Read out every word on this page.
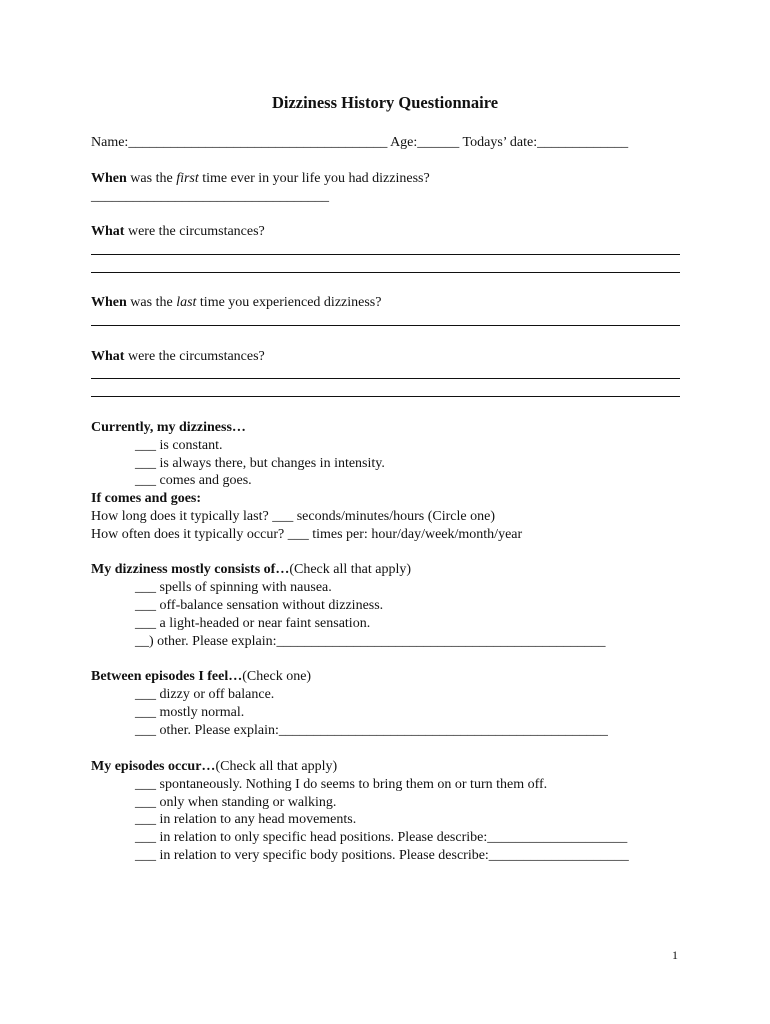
Dizziness History Questionnaire
Name:_____________________________________ Age:______ Todays’ date:_____________
When was the first time ever in your life you had dizziness?
__________________________________
What were the circumstances?
When was the last time you experienced dizziness?
What were the circumstances?
Currently, my dizziness…
___ is constant.
___ is always there, but changes in intensity.
___ comes and goes.
If comes and goes:
How long does it typically last? ___ seconds/minutes/hours (Circle one)
How often does it typically occur? ___ times per: hour/day/week/month/year
My dizziness mostly consists of…(Check all that apply)
___ spells of spinning with nausea.
___ off-balance sensation without dizziness.
___ a light-headed or near faint sensation.
__) other. Please explain:_______________________________________________
Between episodes I feel…(Check one)
___ dizzy or off balance.
___ mostly normal.
___ other. Please explain:_______________________________________________
My episodes occur…(Check all that apply)
___ spontaneously. Nothing I do seems to bring them on or turn them off.
___ only when standing or walking.
___ in relation to any head movements.
___ in relation to only specific head positions. Please describe:____________________
___ in relation to very specific body positions. Please describe:____________________
1
